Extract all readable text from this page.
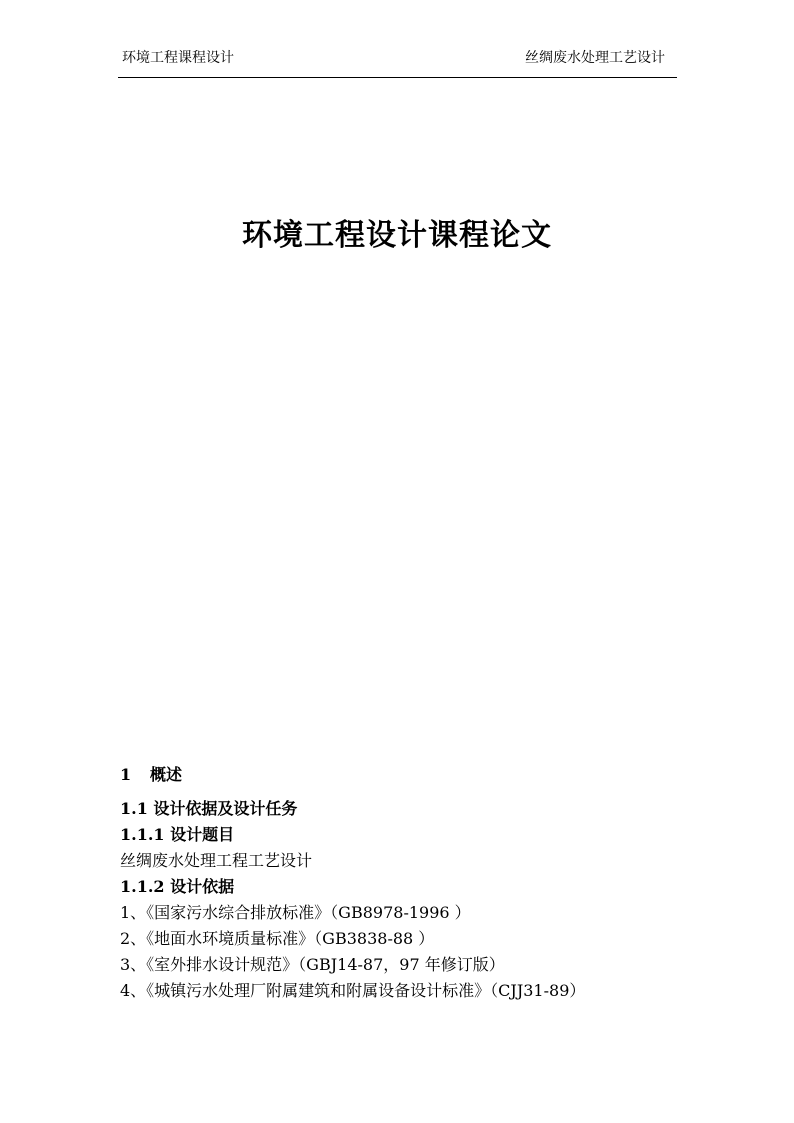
环境工程课程设计	丝绸废水处理工艺设计
环境工程设计课程论文
1 概述
1.1 设计依据及设计任务
1.1.1 设计题目
丝绸废水处理工程工艺设计
1.1.2 设计依据
1、《国家污水综合排放标准》（GB8978-1996 ）
2、《地面水环境质量标准》（GB3838-88 ）
3、《室外排水设计规范》（GBJ14-87，97 年修订版）
4、《城镇污水处理厂附属建筑和附属设备设计标准》（CJJ31-89）
